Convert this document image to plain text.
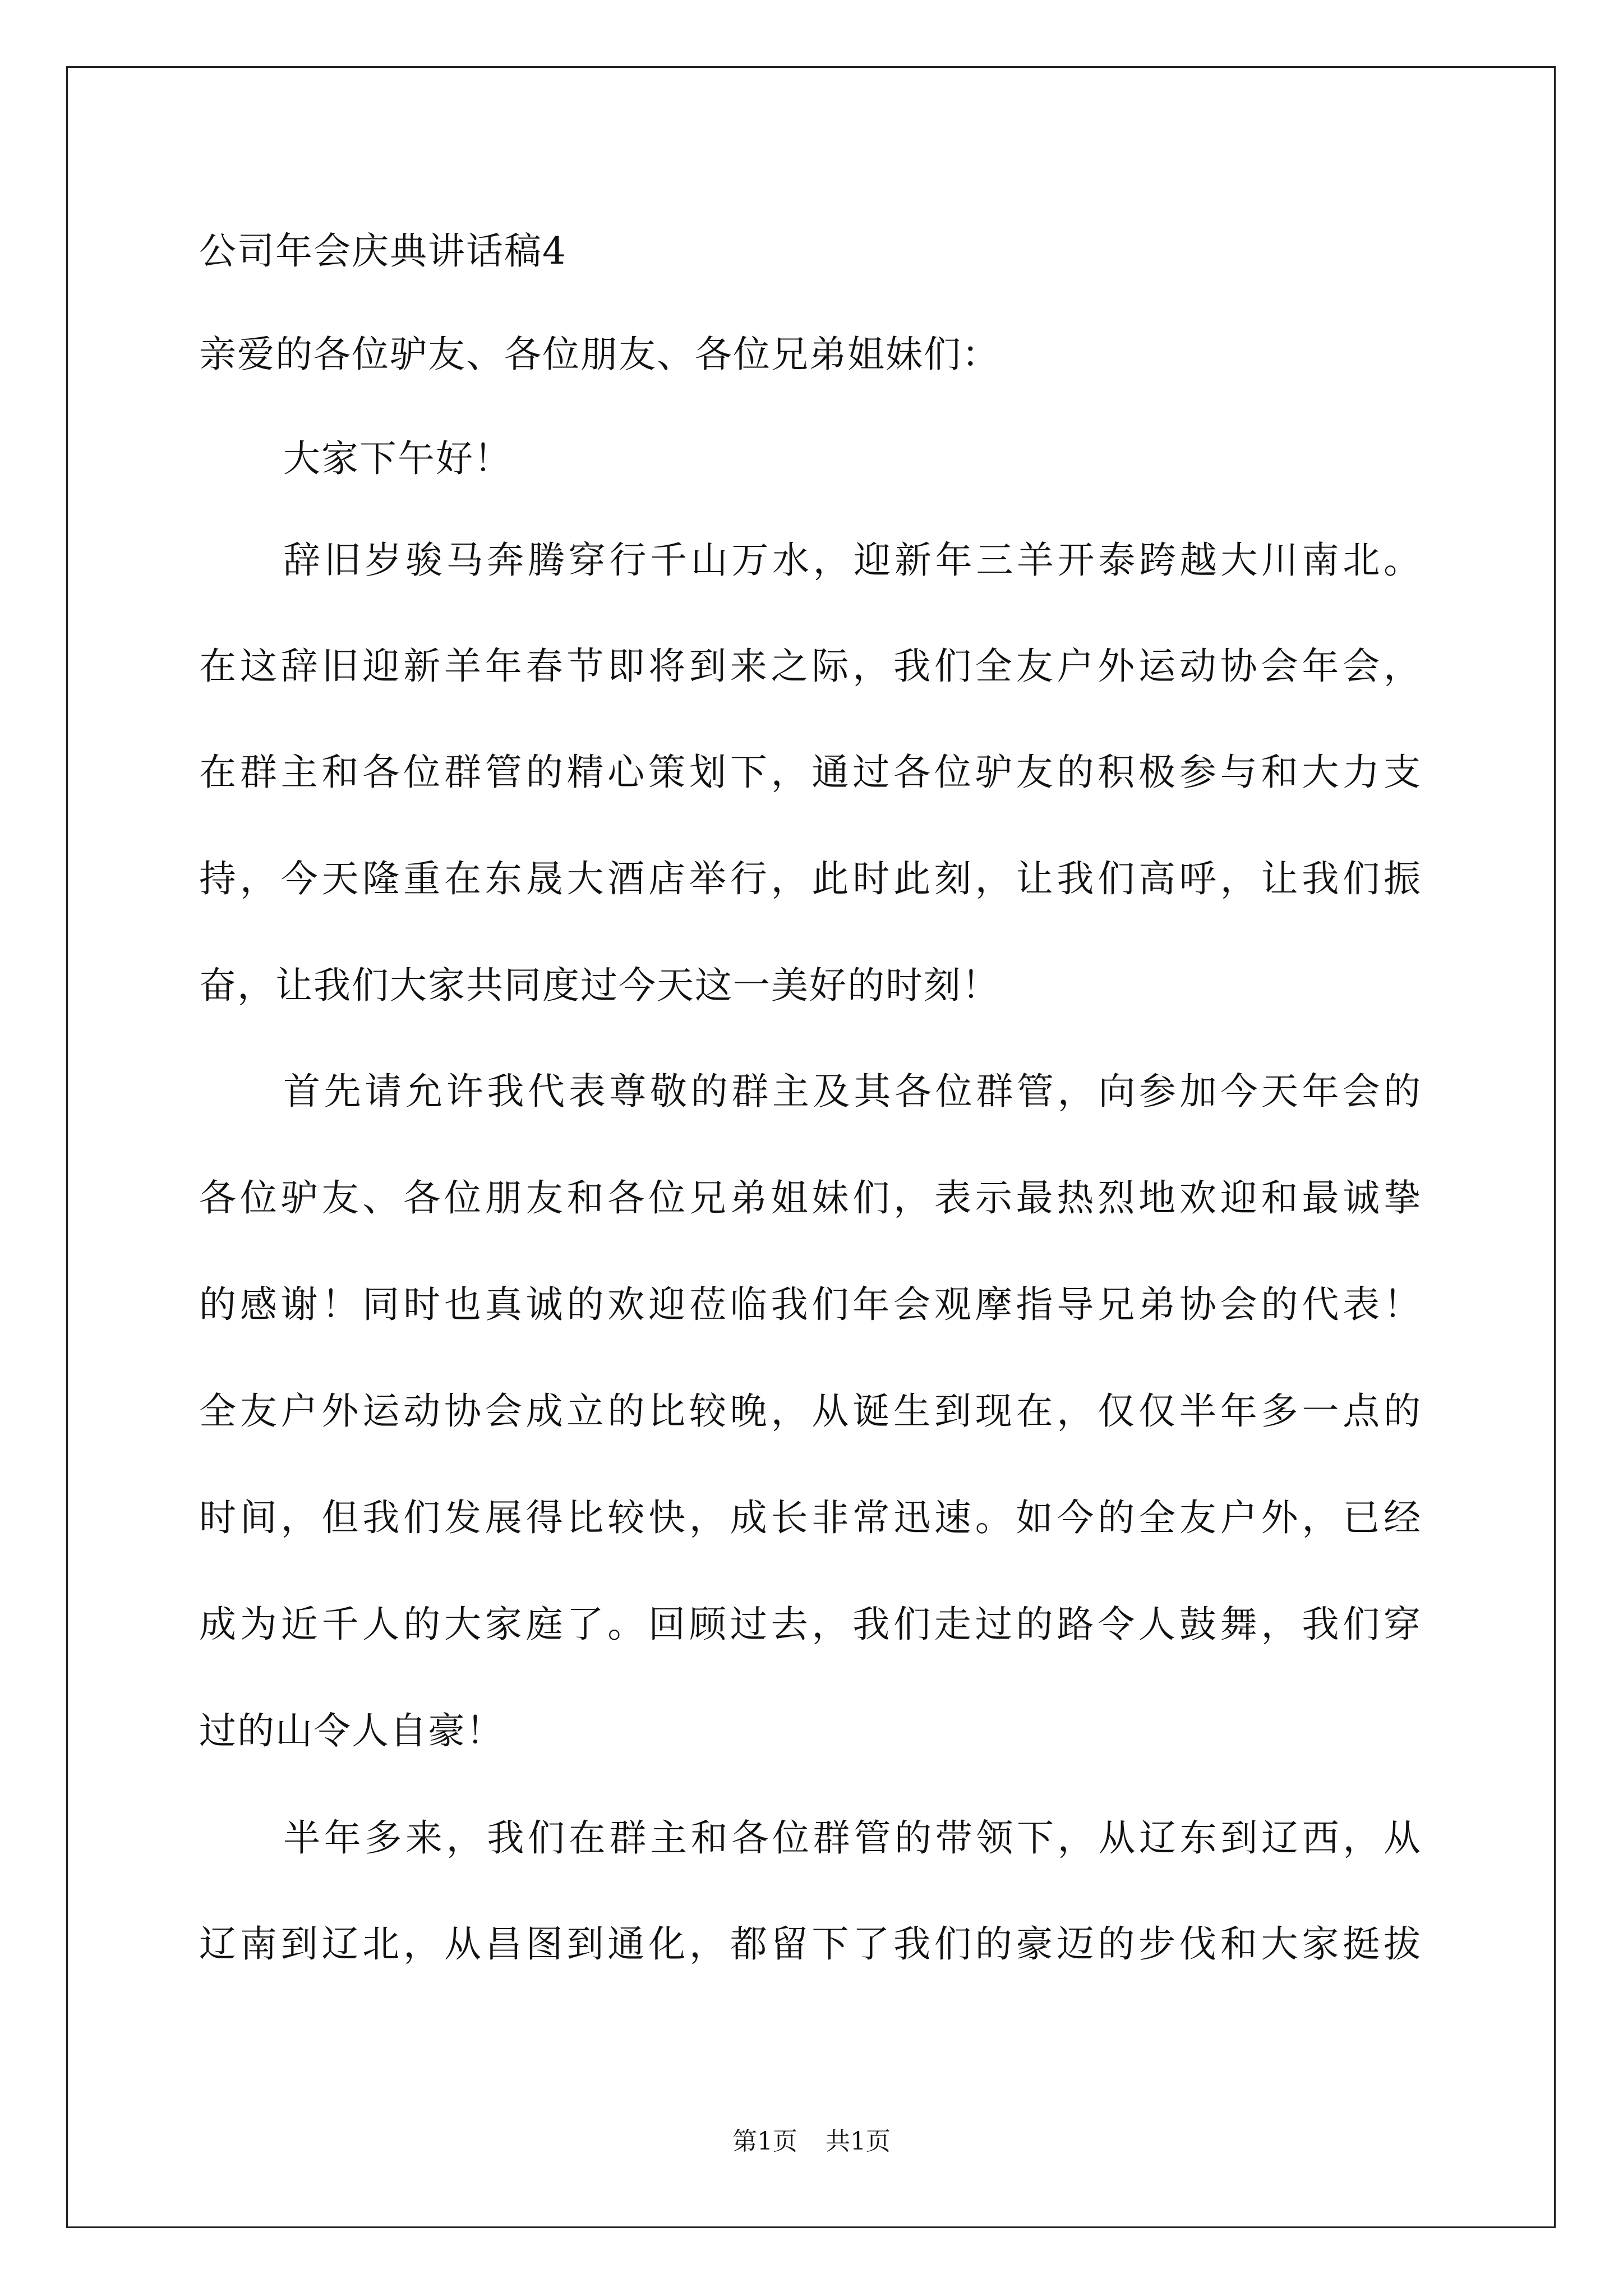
公司年会庆典讲话稿4
亲爱的各位驴友、各位朋友、各位兄弟姐妹们：
大家下午好！
辞旧岁骏马奔腾穿行千山万水，迎新年三羊开泰跨越大川南北。
在这辞旧迎新羊年春节即将到来之际，我们全友户外运动协会年会，
在群主和各位群管的精心策划下，通过各位驴友的积极参与和大力支
持，今天隆重在东晟大酒店举行，此时此刻，让我们高呼，让我们振
奋，让我们大家共同度过今天这一美好的时刻！
首先请允许我代表尊敬的群主及其各位群管，向参加今天年会的
各位驴友、各位朋友和各位兄弟姐妹们，表示最热烈地欢迎和最诚挚
的感谢！同时也真诚的欢迎莅临我们年会观摩指导兄弟协会的代表！
全友户外运动协会成立的比较晚，从诞生到现在，仅仅半年多一点的
时间，但我们发展得比较快，成长非常迅速。如今的全友户外，已经
成为近千人的大家庭了。回顾过去，我们走过的路令人鼓舞，我们穿
过的山令人自豪！
半年多来，我们在群主和各位群管的带领下，从辽东到辽西，从
辽南到辽北，从昌图到通化，都留下了我们的豪迈的步伐和大家挺拔
第1页 共1页
